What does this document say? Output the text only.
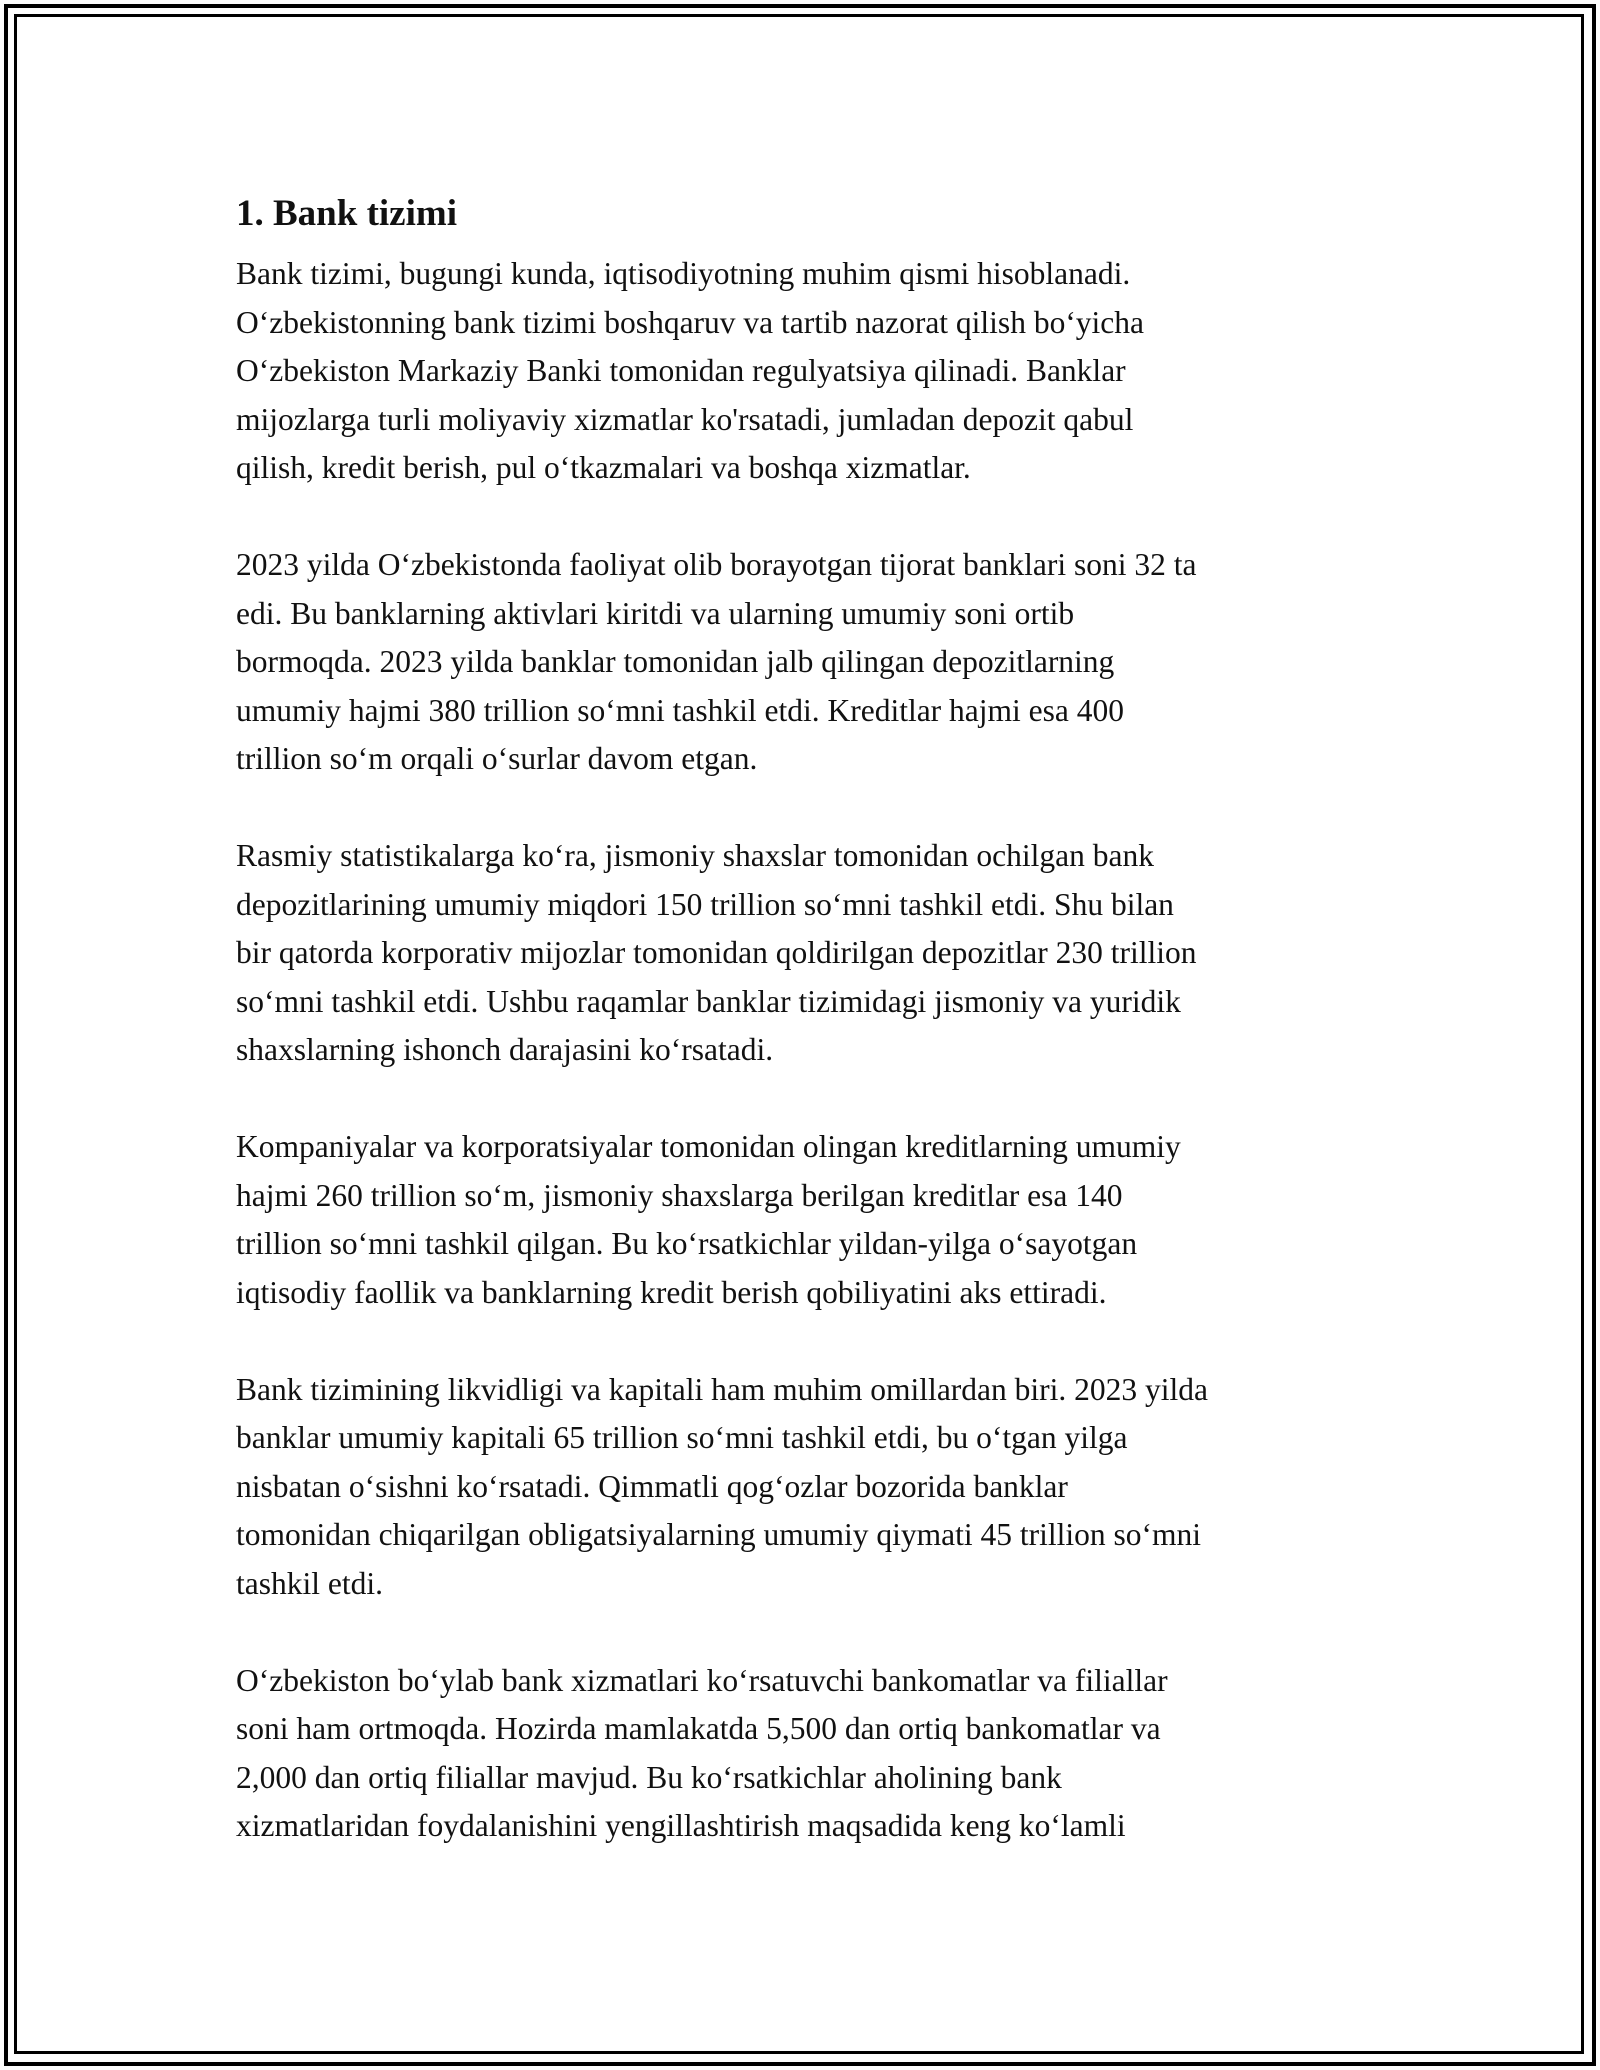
1. Bank tizimi

Bank tizimi, bugungi kunda, iqtisodiyotning muhim qismi hisoblanadi.
Oʻzbekistonning bank tizimi boshqaruv va tartib nazorat qilish boʻyicha
Oʻzbekiston Markaziy Banki tomonidan regulyatsiya qilinadi. Banklar
mijozlarga turli moliyaviy xizmatlar ko'rsatadi, jumladan depozit qabul
qilish, kredit berish, pul oʻtkazmalari va boshqa xizmatlar.

2023 yilda Oʻzbekistonda faoliyat olib borayotgan tijorat banklari soni 32 ta
edi. Bu banklarning aktivlari kiritdi va ularning umumiy soni ortib
bormoqda. 2023 yilda banklar tomonidan jalb qilingan depozitlarning
umumiy hajmi 380 trillion soʻmni tashkil etdi. Kreditlar hajmi esa 400
trillion soʻm orqali oʻsurlar davom etgan.

Rasmiy statistikalarga koʻra, jismoniy shaxslar tomonidan ochilgan bank
depozitlarining umumiy miqdori 150 trillion soʻmni tashkil etdi. Shu bilan
bir qatorda korporativ mijozlar tomonidan qoldirilgan depozitlar 230 trillion
soʻmni tashkil etdi. Ushbu raqamlar banklar tizimidagi jismoniy va yuridik
shaxslarning ishonch darajasini koʻrsatadi.

Kompaniyalar va korporatsiyalar tomonidan olingan kreditlarning umumiy
hajmi 260 trillion soʻm, jismoniy shaxslarga berilgan kreditlar esa 140
trillion soʻmni tashkil qilgan. Bu koʻrsatkichlar yildan-yilga oʻsayotgan
iqtisodiy faollik va banklarning kredit berish qobiliyatini aks ettiradi.

Bank tizimining likvidligi va kapitali ham muhim omillardan biri. 2023 yilda
banklar umumiy kapitali 65 trillion soʻmni tashkil etdi, bu oʻtgan yilga
nisbatan oʻsishni koʻrsatadi. Qimmatli qogʻozlar bozorida banklar
tomonidan chiqarilgan obligatsiyalarning umumiy qiymati 45 trillion soʻmni
tashkil etdi.

Oʻzbekiston boʻylab bank xizmatlari koʻrsatuvchi bankomatlar va filiallar
soni ham ortmoqda. Hozirda mamlakatda 5,500 dan ortiq bankomatlar va
2,000 dan ortiq filiallar mavjud. Bu koʻrsatkichlar aholining bank
xizmatlaridan foydalanishini yengillashtirish maqsadida keng koʻlamli
